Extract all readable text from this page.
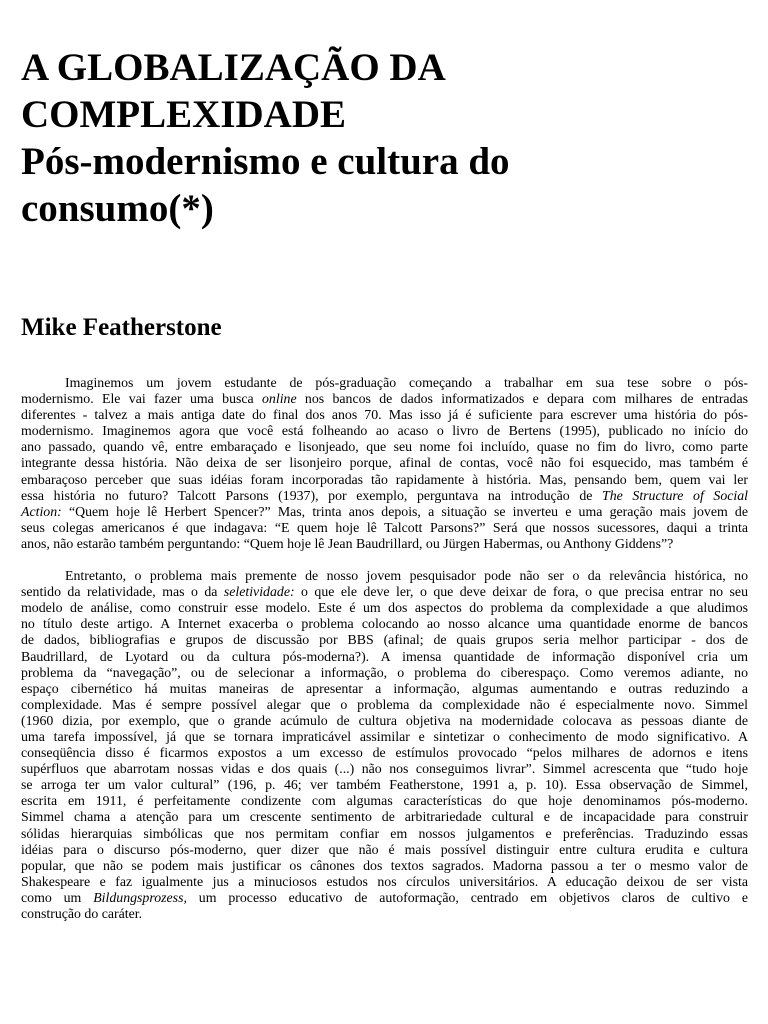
A GLOBALIZAÇÃO DA
COMPLEXIDADE
Pós-modernismo e cultura do
consumo(*)
Mike Featherstone

Imaginemos um jovem estudante de pós-graduação começando a trabalhar em sua tese sobre o pós-
modernismo. Ele vai fazer uma busca online nos bancos de dados informatizados e depara com milhares de entradas
diferentes - talvez a mais antiga date do final dos anos 70. Mas isso já é suficiente para escrever uma história do pós-
modernismo. Imaginemos agora que você está folheando ao acaso o livro de Bertens (1995), publicado no início do
ano passado, quando vê, entre embaraçado e lisonjeado, que seu nome foi incluído, quase no fim do livro, como parte
integrante dessa história. Não deixa de ser lisonjeiro porque, afinal de contas, você não foi esquecido, mas também é
embaraçoso perceber que suas idéias foram incorporadas tão rapidamente à história. Mas, pensando bem, quem vai ler
essa história no futuro? Talcott Parsons (1937), por exemplo, perguntava na introdução de The Structure of Social
Action: “Quem hoje lê Herbert Spencer?” Mas, trinta anos depois, a situação se inverteu e uma geração mais jovem de
seus colegas americanos é que indagava: “E quem hoje lê Talcott Parsons?” Será que nossos sucessores, daqui a trinta
anos, não estarão também perguntando: “Quem hoje lê Jean Baudrillard, ou Jürgen Habermas, ou Anthony Giddens”?

Entretanto, o problema mais premente de nosso jovem pesquisador pode não ser o da relevância histórica, no
sentido da relatividade, mas o da seletividade: o que ele deve ler, o que deve deixar de fora, o que precisa entrar no seu
modelo de análise, como construir esse modelo. Este é um dos aspectos do problema da complexidade a que aludimos
no título deste artigo. A Internet exacerba o problema colocando ao nosso alcance uma quantidade enorme de bancos
de dados, bibliografias e grupos de discussão por BBS (afinal; de quais grupos seria melhor participar - dos de
Baudrillard, de Lyotard ou da cultura pós-moderna?). A imensa quantidade de informação disponível cria um
problema da “navegação”, ou de selecionar a informação, o problema do ciberespaço. Como veremos adiante, no
espaço cibernético há muitas maneiras de apresentar a informação, algumas aumentando e outras reduzindo a
complexidade. Mas é sempre possível alegar que o problema da complexidade não é especialmente novo. Simmel
(1960 dizia, por exemplo, que o grande acúmulo de cultura objetiva na modernidade colocava as pessoas diante de
uma tarefa impossível, já que se tornara impraticável assimilar e sintetizar o conhecimento de modo significativo. A
conseqüência disso é ficarmos expostos a um excesso de estímulos provocado “pelos milhares de adornos e itens
supérfluos que abarrotam nossas vidas e dos quais (...) não nos conseguimos livrar”. Simmel acrescenta que “tudo hoje
se arroga ter um valor cultural” (196, p. 46; ver também Featherstone, 1991 a, p. 10). Essa observação de Simmel,
escrita em 1911, é perfeitamente condizente com algumas características do que hoje denominamos pós-moderno.
Simmel chama a atenção para um crescente sentimento de arbitrariedade cultural e de incapacidade para construir
sólidas hierarquias simbólicas que nos permitam confiar em nossos julgamentos e preferências. Traduzindo essas
idéias para o discurso pós-moderno, quer dizer que não é mais possível distinguir entre cultura erudita e cultura
popular, que não se podem mais justificar os cânones dos textos sagrados. Madorna passou a ter o mesmo valor de
Shakespeare e faz igualmente jus a minuciosos estudos nos círculos universitários. A educação deixou de ser vista
como um Bildungsprozess, um processo educativo de autoformação, centrado em objetivos claros de cultivo e
construção do caráter.
